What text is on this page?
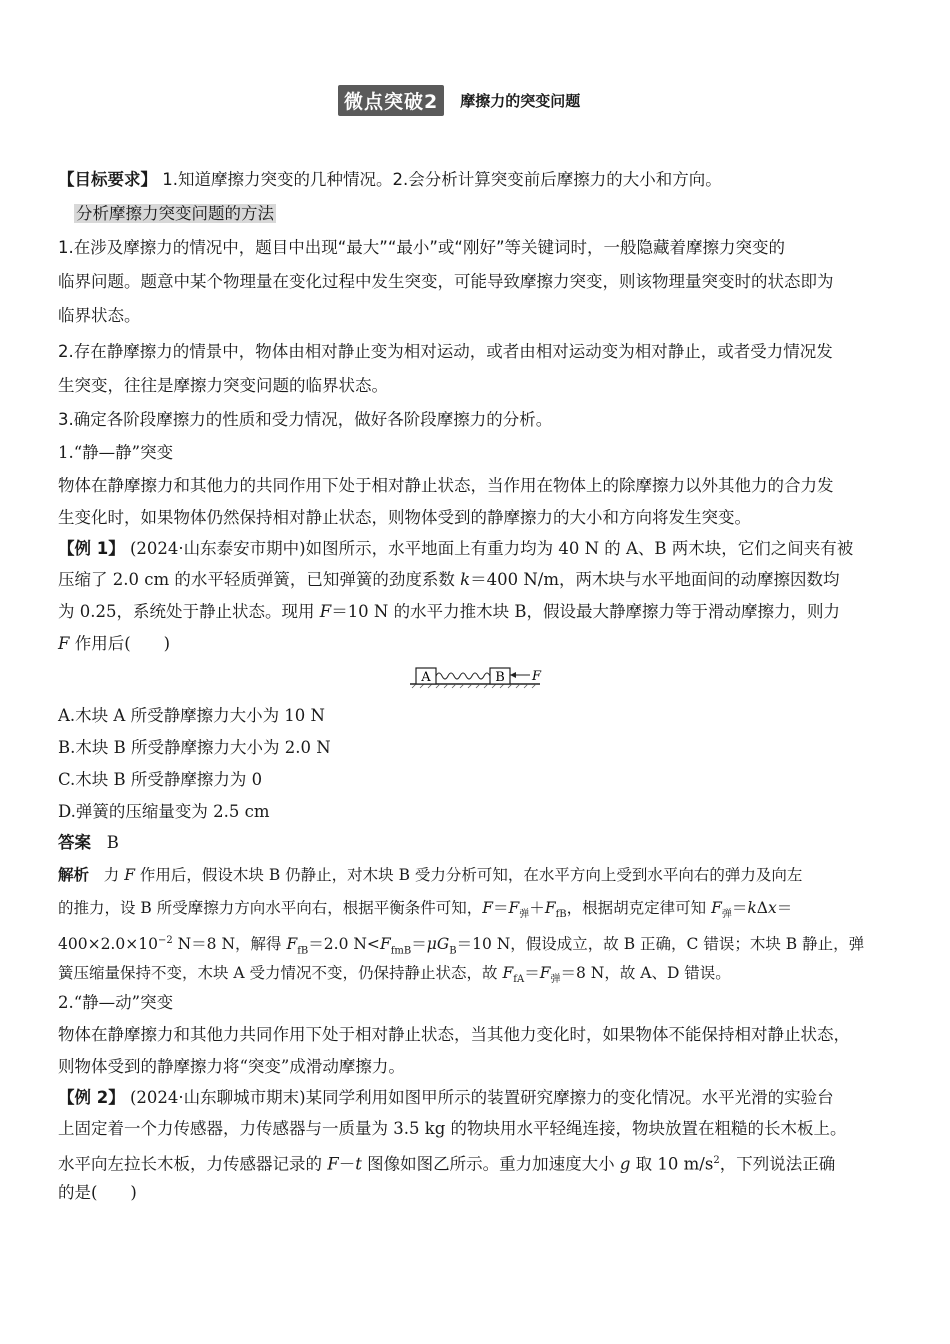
微点突破2	摩擦力的突变问题
【目标要求】 1.知道摩擦力突变的几种情况。2.会分析计算突变前后摩擦力的大小和方向。
分析摩擦力突变问题的方法
1.在涉及摩擦力的情况中，题目中出现“最大”“最小”或“刚好”等关键词时，一般隐藏着摩擦力突变的
临界问题。题意中某个物理量在变化过程中发生突变，可能导致摩擦力突变，则该物理量突变时的状态即为
临界状态。
2.存在静摩擦力的情景中，物体由相对静止变为相对运动，或者由相对运动变为相对静止，或者受力情况发
生突变，往往是摩擦力突变问题的临界状态。
3.确定各阶段摩擦力的性质和受力情况，做好各阶段摩擦力的分析。
1.“静—静”突变
物体在静摩擦力和其他力的共同作用下处于相对静止状态，当作用在物体上的除摩擦力以外其他力的合力发
生变化时，如果物体仍然保持相对静止状态，则物体受到的静摩擦力的大小和方向将发生突变。
【例 1】 (2024·山东泰安市期中)如图所示，水平地面上有重力均为 40 N 的 A、B 两木块，它们之间夹有被
压缩了 2.0 cm 的水平轻质弹簧，已知弹簧的劲度系数 k＝400 N/m，两木块与水平地面间的动摩擦因数均
为 0.25，系统处于静止状态。现用 F＝10 N 的水平力推木块 B，假设最大静摩擦力等于滑动摩擦力，则力
F 作用后(　　)
A	B F
A.木块 A 所受静摩擦力大小为 10 N
B.木块 B 所受静摩擦力大小为 2.0 N
C.木块 B 所受静摩擦力为 0
D.弹簧的压缩量变为 2.5 cm
答案 B
解析 力 F 作用后，假设木块 B 仍静止，对木块 B 受力分析可知，在水平方向上受到水平向右的弹力及向左
的推力，设 B 所受摩擦力方向水平向右，根据平衡条件可知，$F=F_弹+F_{fB}$，根据胡克定律可知 $F_弹=k\Delta x=$
$400\times 2.0\times 10^{-2}$ N＝8 N，解得 $F_{fB}=2.0$ $N<F_{fmB}=\mu G_B=10$ N，假设成立，故 B 正确，C 错误；木块 B 静止，弹
簧压缩量保持不变，木块 A 受力情况不变，仍保持静止状态，故 $F_{fA}=F_弹=8$ N，故 A、D 错误。
2.“静—动”突变
物体在静摩擦力和其他力共同作用下处于相对静止状态，当其他力变化时，如果物体不能保持相对静止状态，
则物体受到的静摩擦力将“突变”成滑动摩擦力。
【例 2】 (2024·山东聊城市期末)某同学利用如图甲所示的装置研究摩擦力的变化情况。水平光滑的实验台
上固定着一个力传感器，力传感器与一质量为 3.5 kg 的物块用水平轻绳连接，物块放置在粗糙的长木板上。
水平向左拉长木板，力传感器记录的 F－t 图像如图乙所示。重力加速度大小 g 取 10 $m/s^2$，下列说法正确
的是(　　)
